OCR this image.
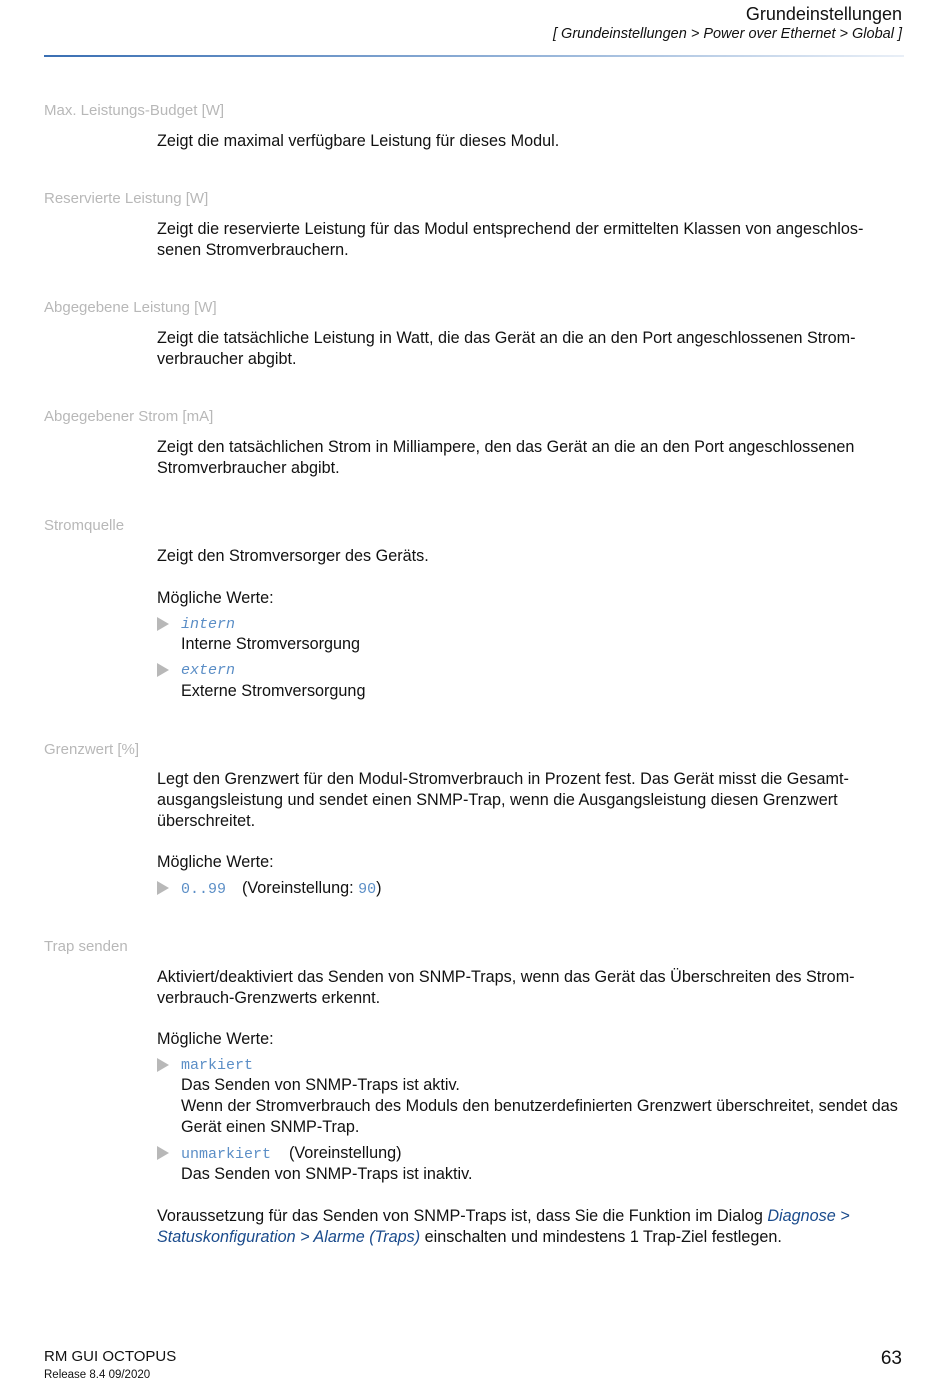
Grundeinstellungen
[ Grundeinstellungen > Power over Ethernet > Global ]
Max. Leistungs-Budget [W]
Zeigt die maximal verfügbare Leistung für dieses Modul.
Reservierte Leistung [W]
Zeigt die reservierte Leistung für das Modul entsprechend der ermittelten Klassen von angeschlos-senen Stromverbrauchern.
Abgegebene Leistung [W]
Zeigt die tatsächliche Leistung in Watt, die das Gerät an die an den Port angeschlossenen Strom-verbraucher abgibt.
Abgegebener Strom [mA]
Zeigt den tatsächlichen Strom in Milliampere, den das Gerät an die an den Port angeschlossenen Stromverbraucher abgibt.
Stromquelle
Zeigt den Stromversorger des Geräts.
Mögliche Werte:
intern
Interne Stromversorgung
extern
Externe Stromversorgung
Grenzwert [%]
Legt den Grenzwert für den Modul-Stromverbrauch in Prozent fest. Das Gerät misst die Gesamt-ausgangsleistung und sendet einen SNMP-Trap, wenn die Ausgangsleistung diesen Grenzwert überschreitet.
Mögliche Werte:
0..99 (Voreinstellung: 90)
Trap senden
Aktiviert/deaktiviert das Senden von SNMP-Traps, wenn das Gerät das Überschreiten des Strom-verbrauch-Grenzwerts erkennt.
Mögliche Werte:
markiert
Das Senden von SNMP-Traps ist aktiv.
Wenn der Stromverbrauch des Moduls den benutzerdefinierten Grenzwert überschreitet, sendet das Gerät einen SNMP-Trap.
unmarkiert (Voreinstellung)
Das Senden von SNMP-Traps ist inaktiv.
Voraussetzung für das Senden von SNMP-Traps ist, dass Sie die Funktion im Dialog Diagnose >
Statuskonfiguration > Alarme (Traps) einschalten und mindestens 1 Trap-Ziel festlegen.
RM GUI OCTOPUS
Release 8.4 09/2020
63
